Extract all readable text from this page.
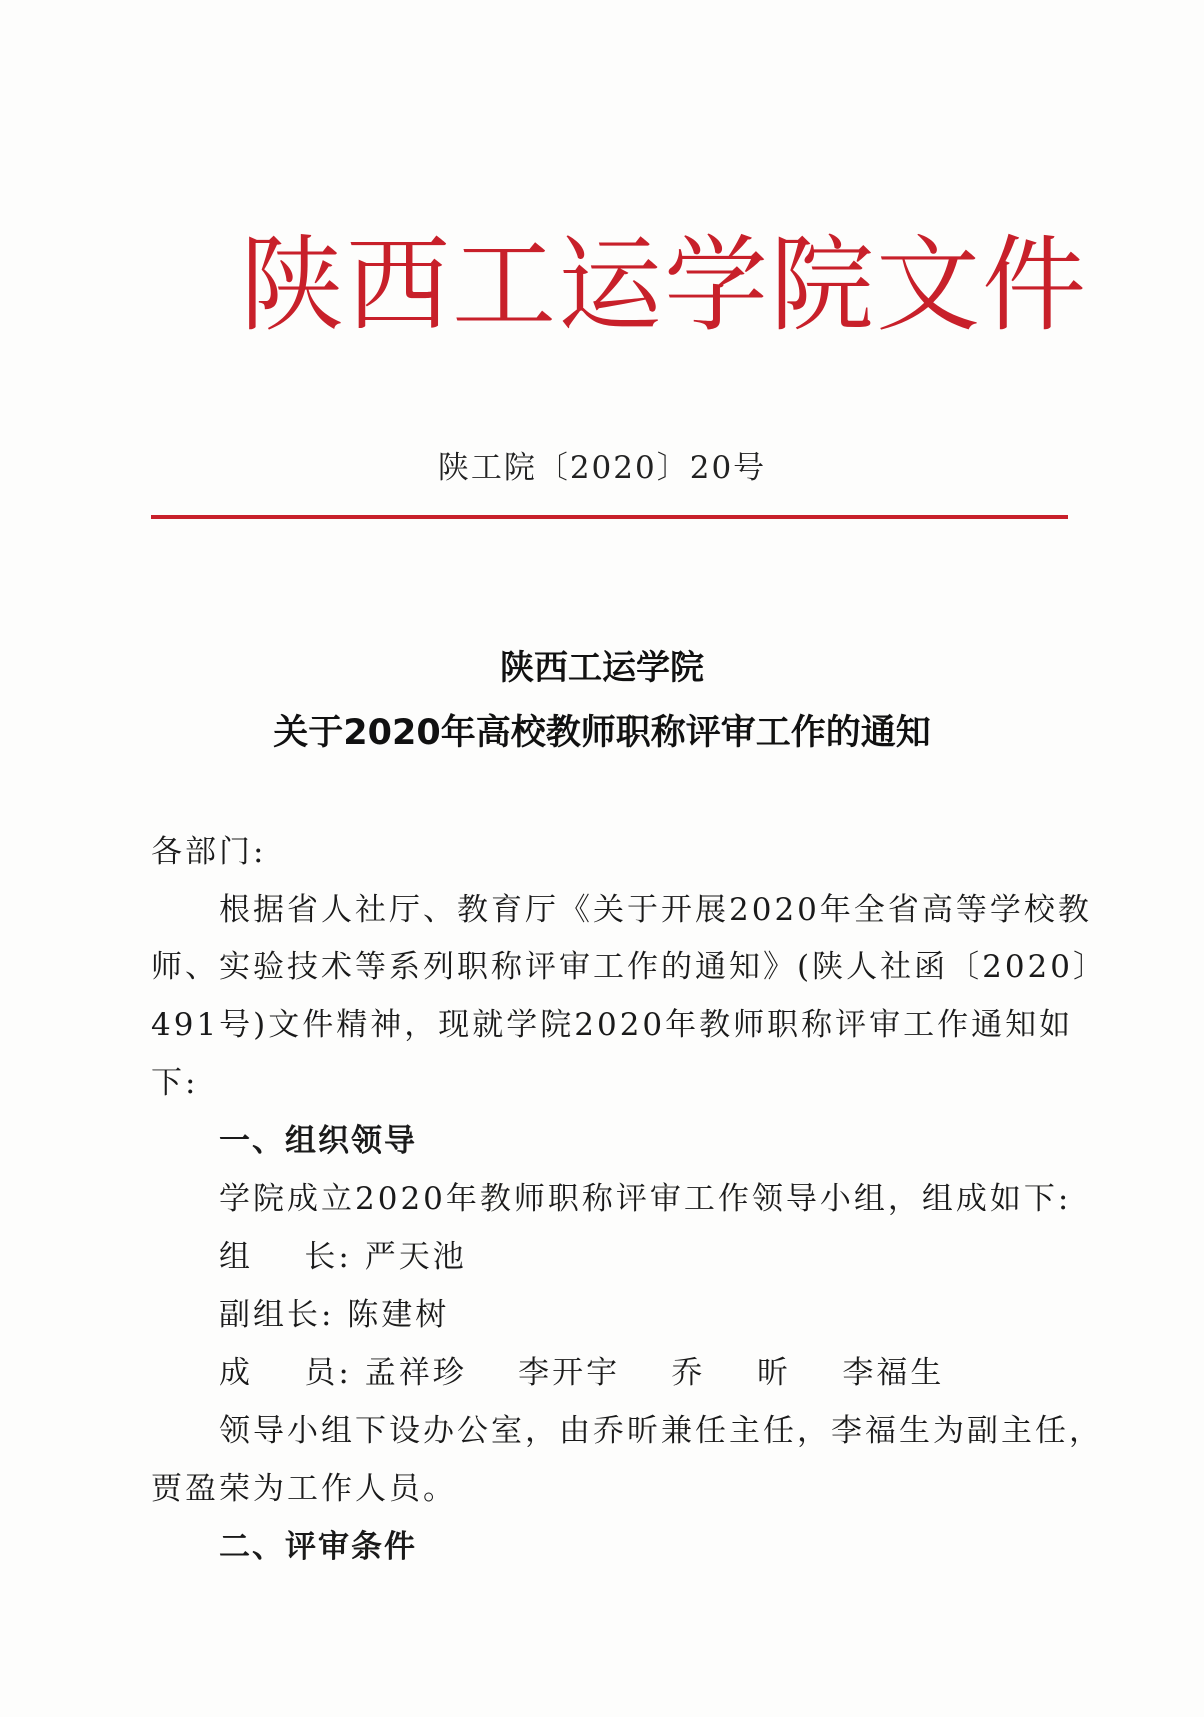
陕西工运学院文件
陕工院〔2020〕20号
陕西工运学院
关于2020年高校教师职称评审工作的通知
各部门:
根据省人社厅、教育厅《关于开展2020年全省高等学校教
师、实验技术等系列职称评审工作的通知》(陕人社函〔2020〕
491号)文件精神，现就学院2020年教师职称评审工作通知如
下:
一、组织领导
学院成立2020年教师职称评审工作领导小组，组成如下:
组    长: 严天池
副组长: 陈建树
成    员: 孟祥珍    李开宇    乔    昕    李福生
领导小组下设办公室，由乔昕兼任主任，李福生为副主任，
贾盈荣为工作人员。
二、评审条件
